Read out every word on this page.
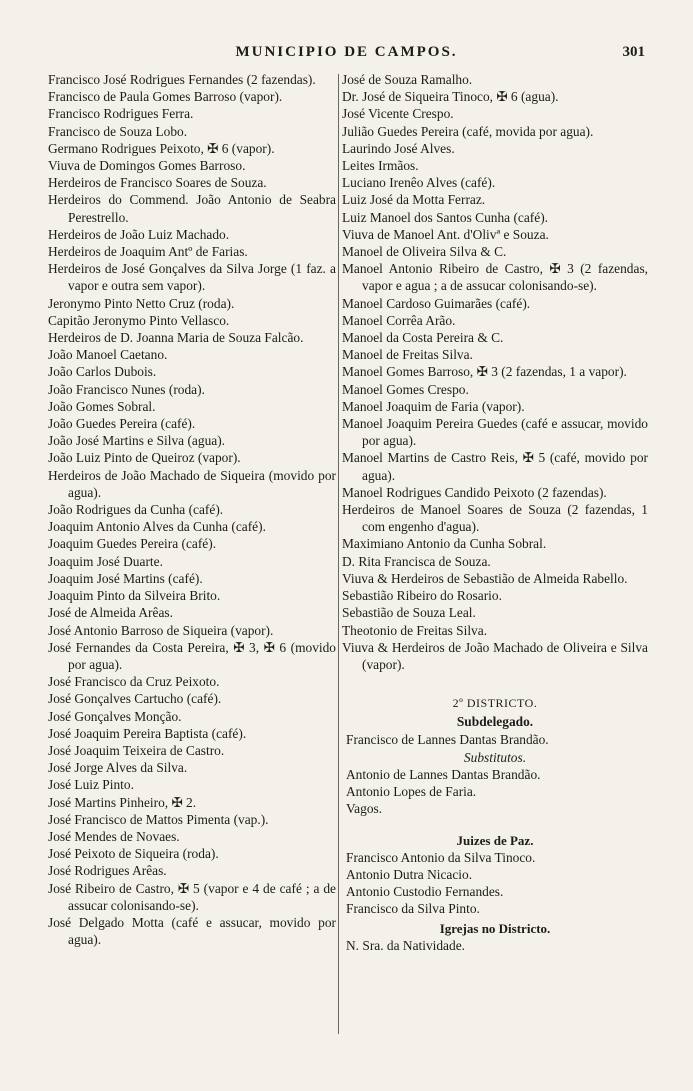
MUNICIPIO DE CAMPOS.	301
Francisco José Rodrigues Fernandes (2 fazendas).
Francisco de Paula Gomes Barroso (vapor).
Francisco Rodrigues Ferra.
Francisco de Souza Lobo.
Germano Rodrigues Peixoto, ✠ 6 (vapor).
Viuva de Domingos Gomes Barroso.
Herdeiros de Francisco Soares de Souza.
Herdeiros do Commend. João Antonio de Seabra Perestrello.
Herdeiros de João Luiz Machado.
Herdeiros de Joaquim Antº de Farias.
Herdeiros de José Gonçalves da Silva Jorge (1 faz. a vapor e outra sem vapor).
Jeronymo Pinto Netto Cruz (roda).
Capitão Jeronymo Pinto Vellasco.
Herdeiros de D. Joanna Maria de Souza Falcão.
João Manoel Caetano.
João Carlos Dubois.
João Francisco Nunes (roda).
João Gomes Sobral.
João Guedes Pereira (café).
João José Martins e Silva (agua).
João Luiz Pinto de Queiroz (vapor).
Herdeiros de João Machado de Siqueira (movido por agua).
João Rodrigues da Cunha (café).
Joaquim Antonio Alves da Cunha (café).
Joaquim Guedes Pereira (café).
Joaquim José Duarte.
Joaquim José Martins (café).
Joaquim Pinto da Silveira Brito.
José de Almeida Arêas.
José Antonio Barroso de Siqueira (vapor).
José Fernandes da Costa Pereira, ✠ 3, ✠ 6 (movido por agua).
José Francisco da Cruz Peixoto.
José Gonçalves Cartucho (café).
José Gonçalves Monção.
José Joaquim Pereira Baptista (café).
José Joaquim Teixeira de Castro.
José Jorge Alves da Silva.
José Luiz Pinto.
José Martins Pinheiro, ✠ 2.
José Francisco de Mattos Pimenta (vap.).
José Mendes de Novaes.
José Peixoto de Siqueira (roda).
José Rodrigues Arêas.
José Ribeiro de Castro, ✠ 5 (vapor e 4 de café ; a de assucar colonisando-se).
José Delgado Motta (café e assucar, movido por agua).
José de Souza Ramalho.
Dr. José de Siqueira Tinoco, ✠ 6 (agua).
José Vicente Crespo.
Julião Guedes Pereira (café, movida por agua).
Laurindo José Alves.
Leites Irmãos.
Luciano Irenêo Alves (café).
Luiz José da Motta Ferraz.
Luiz Manoel dos Santos Cunha (café).
Viuva de Manoel Ant. d'Olivª e Souza.
Manoel de Oliveira Silva & C.
Manoel Antonio Ribeiro de Castro, ✠ 3 (2 fazendas, vapor e agua ; a de assucar colonisando-se).
Manoel Cardoso Guimarães (café).
Manoel Corrêa Arão.
Manoel da Costa Pereira & C.
Manoel de Freitas Silva.
Manoel Gomes Barroso, ✠ 3 (2 fazendas, 1 a vapor).
Manoel Gomes Crespo.
Manoel Joaquim de Faria (vapor).
Manoel Joaquim Pereira Guedes (café e assucar, movido por agua).
Manoel Martins de Castro Reis, ✠ 5 (café, movido por agua).
Manoel Rodrigues Candido Peixoto (2 fazendas).
Herdeiros de Manoel Soares de Souza (2 fazendas, 1 com engenho d'agua).
Maximiano Antonio da Cunha Sobral.
D. Rita Francisca de Souza.
Viuva & Herdeiros de Sebastião de Almeida Rabello.
Sebastião Ribeiro do Rosario.
Sebastião de Souza Leal.
Theotonio de Freitas Silva.
Viuva & Herdeiros de João Machado de Oliveira e Silva (vapor).
2º DISTRICTO.
Subdelegado.
Francisco de Lannes Dantas Brandão.
Substitutos.
Antonio de Lannes Dantas Brandão.
Antonio Lopes de Faria.
Vagos.
Juizes de Paz.
Francisco Antonio da Silva Tinoco.
Antonio Dutra Nicacio.
Antonio Custodio Fernandes.
Francisco da Silva Pinto.
Igrejas no Districto.
N. Sra. da Natividade.
